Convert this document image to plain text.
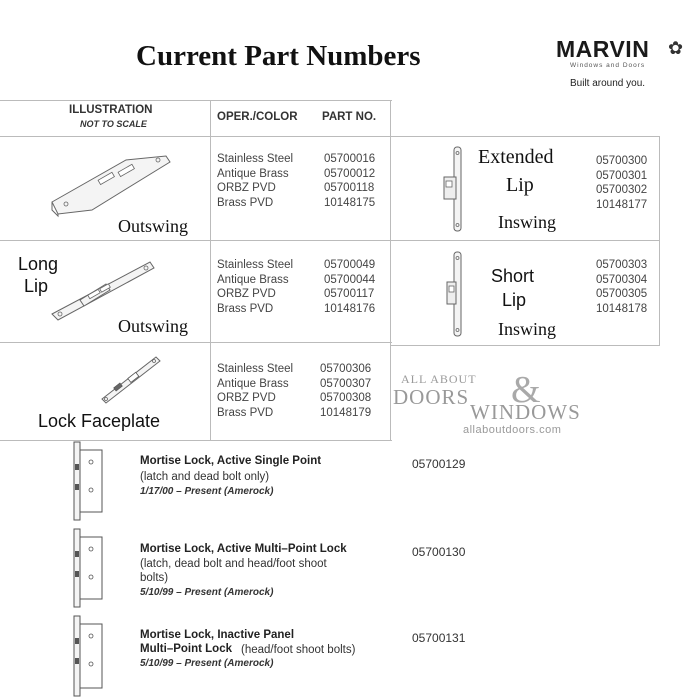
Current Part Numbers	MARVIN ✿
Windows and Doors
Built around you.
ILLUSTRATION
NOT TO SCALE
OPER./COLOR PART NO.
Outswing
Stainless Steel
Antique Brass
ORBZ PVD
Brass PVD
05700016
05700012
05700118
10148175
Long
Lip
Outswing
Stainless Steel
Antique Brass
ORBZ PVD
Brass PVD
05700049
05700044
05700117
10148176
Lock Faceplate
Stainless Steel
Antique Brass
ORBZ PVD
Brass PVD
05700306
05700307
05700308
10148179
Extended
Lip
Inswing
05700300
05700301
05700302
10148177
Short
Lip
Inswing
05700303
05700304
05700305
10148178
ALL ABOUT
DOORS &
WINDOWS
allaboutdoors.com
Mortise Lock, Active Single Point
(latch and dead bolt only)
1/17/00 – Present (Amerock)
05700129
Mortise Lock, Active Multi–Point Lock
(latch, dead bolt and head/foot shoot
bolts)
5/10/99 – Present (Amerock)
05700130
Mortise Lock, Inactive Panel
Multi–Point Lock (head/foot shoot bolts)
5/10/99 – Present (Amerock)
05700131
